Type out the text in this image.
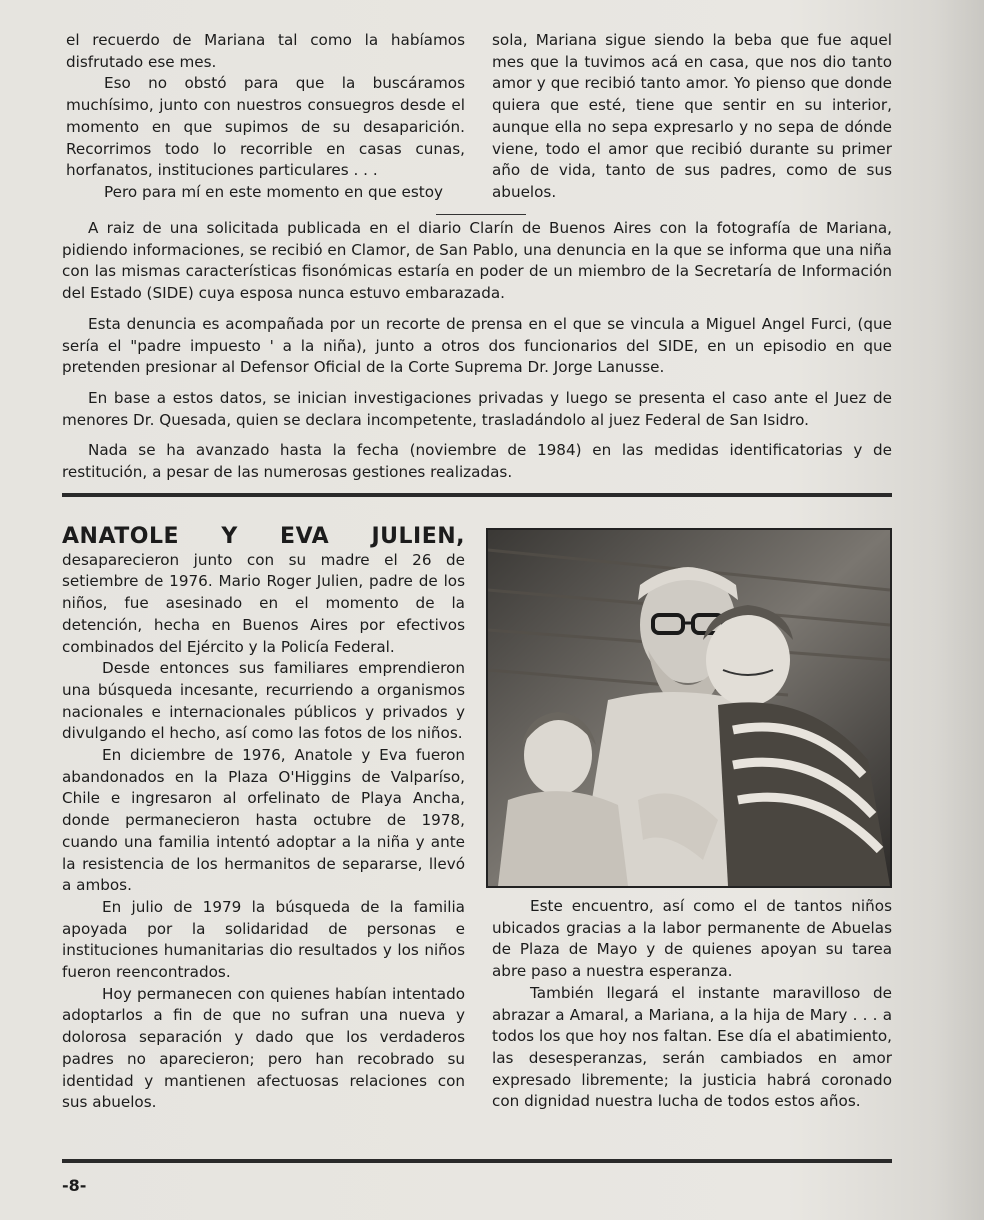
el recuerdo de Mariana tal como la habíamos disfrutado ese mes.

Eso no obstó para que la buscáramos muchísimo, junto con nuestros consuegros desde el momento en que supimos de su desaparición. Recorrimos todo lo recorrible en casas cunas, horfanatos, instituciones particulares . . .

Pero para mí en este momento en que estoy

sola, Mariana sigue siendo la beba que fue aquel mes que la tuvimos acá en casa, que nos dio tanto amor y que recibió tanto amor. Yo pienso que donde quiera que esté, tiene que sentir en su interior, aunque ella no sepa expresarlo y no sepa de dónde viene, todo el amor que recibió durante su primer año de vida, tanto de sus padres, como de sus abuelos.

A raiz de una solicitada publicada en el diario Clarín de Buenos Aires con la fotografía de Mariana, pidiendo informaciones, se recibió en Clamor, de San Pablo, una denuncia en la que se informa que una niña con las mismas características fisonómicas estaría en poder de un miembro de la Secretaría de Información del Estado (SIDE) cuya esposa nunca estuvo embarazada.

Esta denuncia es acompañada por un recorte de prensa en el que se vincula a Miguel Angel Furci, (que sería el "padre impuesto ' a la niña), junto a otros dos funcionarios del SIDE, en un episodio en que pretenden presionar al Defensor Oficial de la Corte Suprema Dr. Jorge Lanusse.

En base a estos datos, se inician investigaciones privadas y luego se presenta el caso ante el Juez de menores Dr. Quesada, quien se declara incompetente, trasladándolo al juez Federal de San Isidro.

Nada se ha avanzado hasta la fecha (noviembre de 1984) en las medidas identificatorias y de restitución, a pesar de las numerosas gestiones realizadas.

ANATOLE Y EVA JULIEN, desaparecieron junto con su madre el 26 de setiembre de 1976. Mario Roger Julien, padre de los niños, fue asesinado en el momento de la detención, hecha en Buenos Aires por efectivos combinados del Ejército y la Policía Federal.

Desde entonces sus familiares emprendieron una búsqueda incesante, recurriendo a organismos nacionales e internacionales públicos y privados y divulgando el hecho, así como las fotos de los niños.

En diciembre de 1976, Anatole y Eva fueron abandonados en la Plaza O'Higgins de Valparíso, Chile e ingresaron al orfelinato de Playa Ancha, donde permanecieron hasta octubre de 1978, cuando una familia intentó adoptar a la niña y ante la resistencia de los hermanitos de separarse, llevó a ambos.

En julio de 1979 la búsqueda de la familia apoyada por la solidaridad de personas e instituciones humanitarias dio resultados y los niños fueron reencontrados.

Hoy permanecen con quienes habían intentado adoptarlos a fin de que no sufran una nueva y dolorosa separación y dado que los verdaderos padres no aparecieron; pero han recobrado su identidad y mantienen afectuosas relaciones con sus abuelos.

Este encuentro, así como el de tantos niños ubicados gracias a la labor permanente de Abuelas de Plaza de Mayo y de quienes apoyan su tarea abre paso a nuestra esperanza.

También llegará el instante maravilloso de abrazar a Amaral, a Mariana, a la hija de Mary . . . a todos los que hoy nos faltan. Ese día el abatimiento, las desesperanzas, serán cambiados en amor expresado libremente; la justicia habrá coronado con dignidad nuestra lucha de todos estos años.

-8-
